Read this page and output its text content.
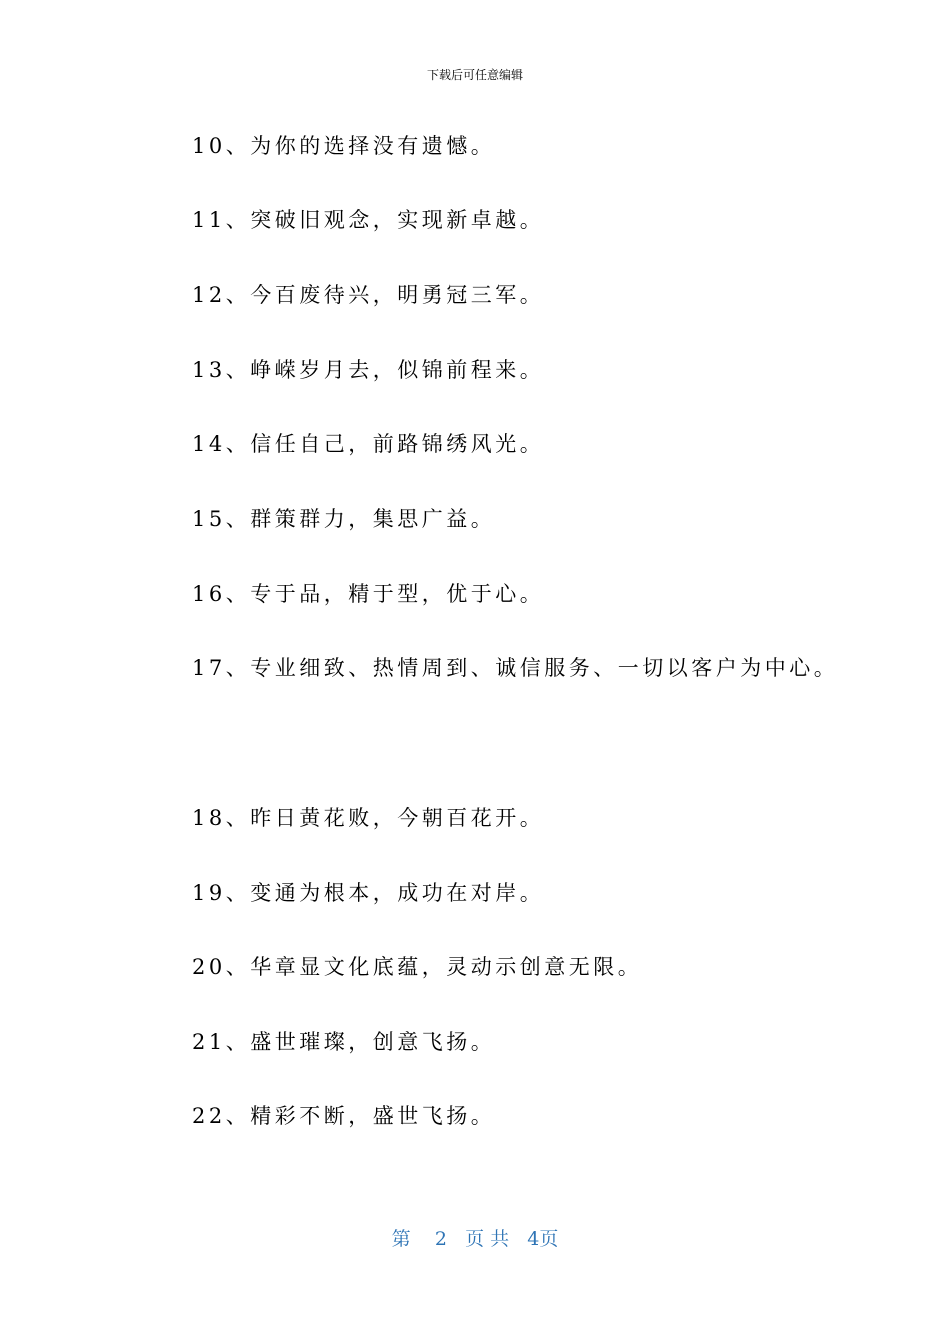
下载后可任意编辑
10、为你的选择没有遗憾。
11、突破旧观念，实现新卓越。
12、今百废待兴，明勇冠三军。
13、峥嵘岁月去，似锦前程来。
14、信任自己，前路锦绣风光。
15、群策群力，集思广益。
16、专于品，精于型，优于心。
17、专业细致、热情周到、诚信服务、一切以客户为中心。
18、昨日黄花败，今朝百花开。
19、变通为根本，成功在对岸。
20、华章显文化底蕴，灵动示创意无限。
21、盛世璀璨，创意飞扬。
22、精彩不断，盛世飞扬。
第 2 页 共 4页
